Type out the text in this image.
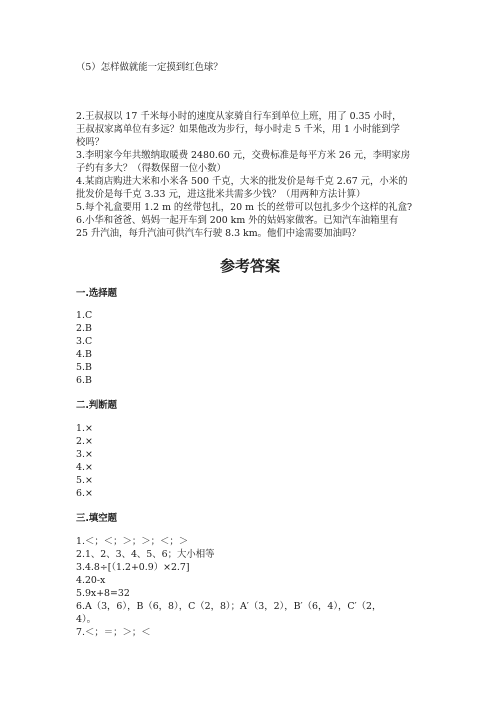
（5）怎样做就能一定摸到红色球？
2.王叔叔以 17 千米每小时的速度从家骑自行车到单位上班，用了 0.35 小时，
王叔叔家离单位有多远？如果他改为步行，每小时走 5 千米，用 1 小时能到学
校吗？
3.李明家今年共缴纳取暖费 2480.60 元，交费标准是每平方米 26 元，李明家房
子约有多大？（得数保留一位小数）
4.某商店购进大米和小米各 500 千克，大米的批发价是每千克 2.67 元，小米的
批发价是每千克 3.33 元，进这批米共需多少钱？（用两种方法计算）
5.每个礼盒要用 1.2 m 的丝带包扎，20 m 长的丝带可以包扎多少个这样的礼盒?
6.小华和爸爸、妈妈一起开车到 200 km 外的姑妈家做客。已知汽车油箱里有
25 升汽油，每升汽油可供汽车行驶 8.3 km。他们中途需要加油吗？
参考答案
一.选择题
1.C
2.B
3.C
4.B
5.B
6.B
二.判断题
1.×
2.×
3.×
4.×
5.×
6.×
三.填空题
1.＜；＜；＞；＞；＜；＞
2.1、2、3、4、5、6；大小相等
3.4.8÷[（1.2+0.9）×2.7]
4.20-x
5.9x+8=32
6.A（3，6），B（6，8），C（2，8）；A′（3，2），B′（6，4），C′（2，
4）。
7.＜；＝；＞；＜
